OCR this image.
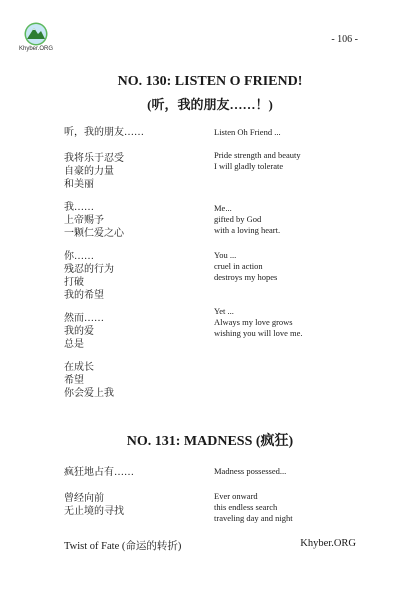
Khyber.ORG
- 106 -
NO. 130: LISTEN O FRIEND!
(听，我的朋友……！)
听，我的朋友……
我将乐于忍受
自豪的力量
和美丽
我……
上帝赐予
一颗仁爱之心
你……
残忍的行为
打破
我的希望
然而……
我的爱
总是
在成长
希望
你会爱上我
Listen Oh Friend ...
Pride strength and beauty
I will gladly tolerate
Me...
gifted by God
with a loving heart.
You ...
cruel in action
destroys my hopes
Yet ...
Always my love grows
wishing you will love me.
NO. 131: MADNESS (疯狂)
疯狂地占有……
曾经向前
无止境的寻找
Madness possessed...
Ever onward
this endless search
traveling day and night
Twist of Fate (命运的转折)	Khyber.ORG
